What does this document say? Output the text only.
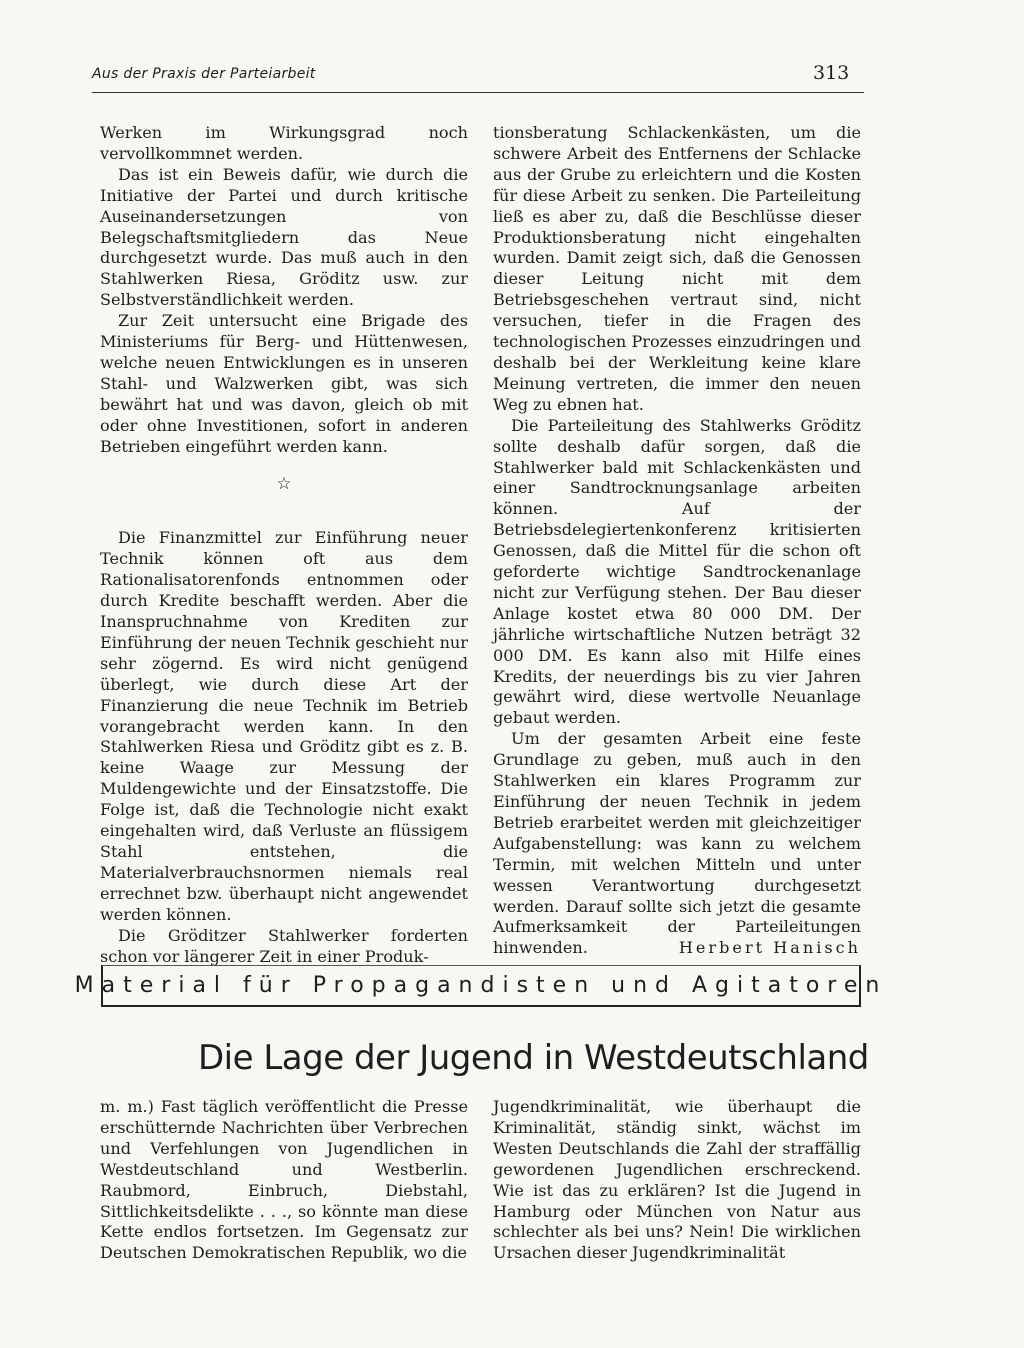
Aus der Praxis der Parteiarbeit	313

Werken im Wirkungsgrad noch vervollkommnet werden.

Das ist ein Beweis dafür, wie durch die Initiative der Partei und durch kritische Auseinandersetzungen von Belegschaftsmitgliedern das Neue durchgesetzt wurde. Das muß auch in den Stahlwerken Riesa, Gröditz usw. zur Selbstverständlichkeit werden.

Zur Zeit untersucht eine Brigade des Ministeriums für Berg- und Hüttenwesen, welche neuen Entwicklungen es in unseren Stahl- und Walzwerken gibt, was sich bewährt hat und was davon, gleich ob mit oder ohne Investitionen, sofort in anderen Betrieben eingeführt werden kann.

☆

Die Finanzmittel zur Einführung neuer Technik können oft aus dem Rationalisatorenfonds entnommen oder durch Kredite beschafft werden. Aber die Inanspruchnahme von Krediten zur Einführung der neuen Technik geschieht nur sehr zögernd. Es wird nicht genügend überlegt, wie durch diese Art der Finanzierung die neue Technik im Betrieb vorangebracht werden kann. In den Stahlwerken Riesa und Gröditz gibt es z. B. keine Waage zur Messung der Muldengewichte und der Einsatzstoffe. Die Folge ist, daß die Technologie nicht exakt eingehalten wird, daß Verluste an flüssigem Stahl entstehen, die Materialverbrauchsnormen niemals real errechnet bzw. überhaupt nicht angewendet werden können.

Die Gröditzer Stahlwerker forderten schon vor längerer Zeit in einer Produk-

tionsberatung Schlackenkästen, um die schwere Arbeit des Entfernens der Schlacke aus der Grube zu erleichtern und die Kosten für diese Arbeit zu senken. Die Parteileitung ließ es aber zu, daß die Beschlüsse dieser Produktionsberatung nicht eingehalten wurden. Damit zeigt sich, daß die Genossen dieser Leitung nicht mit dem Betriebsgeschehen vertraut sind, nicht versuchen, tiefer in die Fragen des technologischen Prozesses einzudringen und deshalb bei der Werkleitung keine klare Meinung vertreten, die immer den neuen Weg zu ebnen hat.

Die Parteileitung des Stahlwerks Gröditz sollte deshalb dafür sorgen, daß die Stahlwerker bald mit Schlackenkästen und einer Sandtrocknungsanlage arbeiten können. Auf der Betriebsdelegiertenkonferenz kritisierten Genossen, daß die Mittel für die schon oft geforderte wichtige Sandtrockenanlage nicht zur Verfügung stehen. Der Bau dieser Anlage kostet etwa 80 000 DM. Der jährliche wirtschaftliche Nutzen beträgt 32 000 DM. Es kann also mit Hilfe eines Kredits, der neuerdings bis zu vier Jahren gewährt wird, diese wertvolle Neuanlage gebaut werden.

Um der gesamten Arbeit eine feste Grundlage zu geben, muß auch in den Stahlwerken ein klares Programm zur Einführung der neuen Technik in jedem Betrieb erarbeitet werden mit gleichzeitiger Aufgabenstellung: was kann zu welchem Termin, mit welchen Mitteln und unter wessen Verantwortung durchgesetzt werden. Darauf sollte sich jetzt die gesamte Aufmerksamkeit der Parteileitungen hinwenden.	Herbert Hanisch

Material für Propagandisten und Agitatoren
Die Lage der Jugend in Westdeutschland

m. m.) Fast täglich veröffentlicht die Presse erschütternde Nachrichten über Verbrechen und Verfehlungen von Jugendlichen in Westdeutschland und Westberlin. Raubmord, Einbruch, Diebstahl, Sittlichkeitsdelikte . . ., so könnte man diese Kette endlos fortsetzen. Im Gegensatz zur Deutschen Demokratischen Republik, wo die

Jugendkriminalität, wie überhaupt die Kriminalität, ständig sinkt, wächst im Westen Deutschlands die Zahl der straffällig gewordenen Jugendlichen erschreckend. Wie ist das zu erklären? Ist die Jugend in Hamburg oder München von Natur aus schlechter als bei uns? Nein! Die wirklichen Ursachen dieser Jugendkriminalität
